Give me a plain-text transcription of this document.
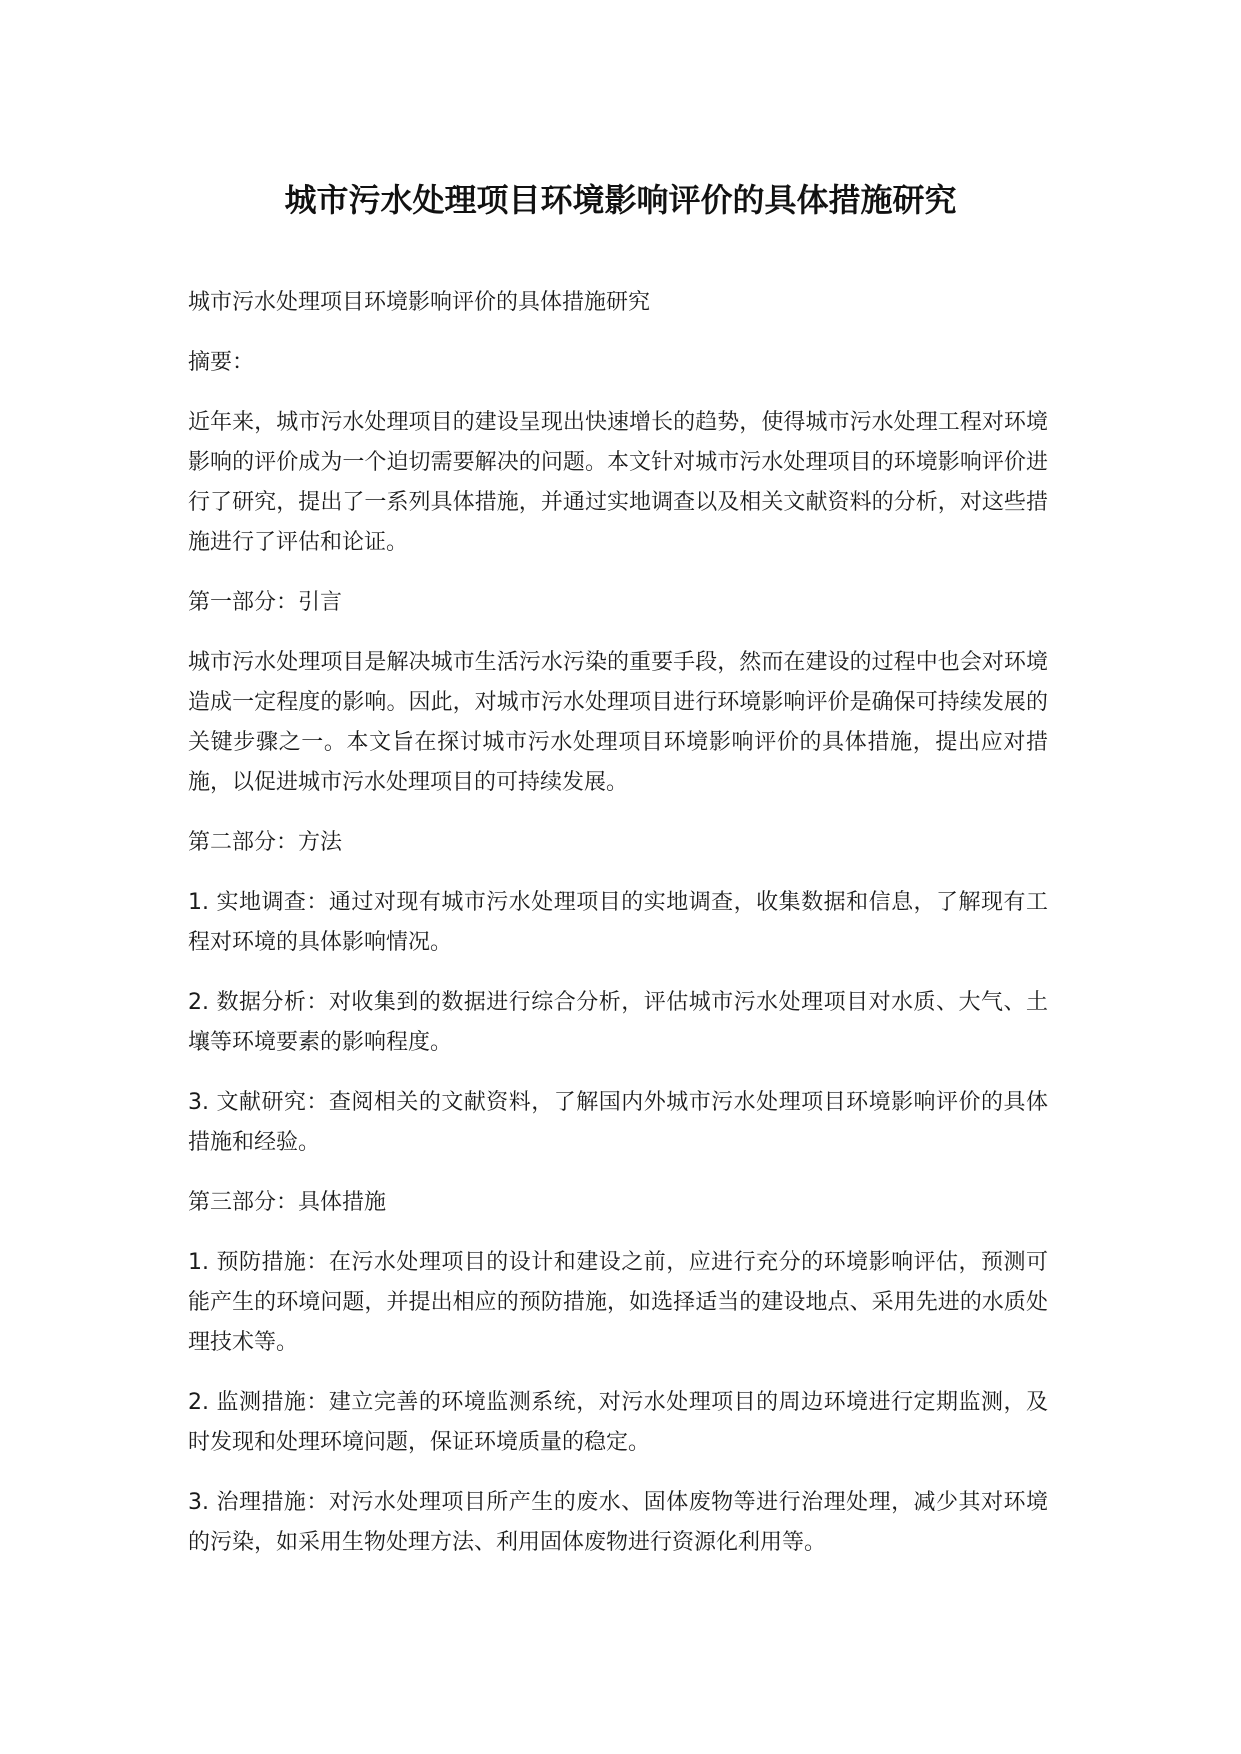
城市污水处理项目环境影响评价的具体措施研究

城市污水处理项目环境影响评价的具体措施研究

摘要：

近年来，城市污水处理项目的建设呈现出快速增长的趋势，使得城市污水处理工程对环境影响的评价成为一个迫切需要解决的问题。本文针对城市污水处理项目的环境影响评价进行了研究，提出了一系列具体措施，并通过实地调查以及相关文献资料的分析，对这些措施进行了评估和论证。

第一部分：引言

城市污水处理项目是解决城市生活污水污染的重要手段，然而在建设的过程中也会对环境造成一定程度的影响。因此，对城市污水处理项目进行环境影响评价是确保可持续发展的关键步骤之一。本文旨在探讨城市污水处理项目环境影响评价的具体措施，提出应对措施，以促进城市污水处理项目的可持续发展。

第二部分：方法

1. 实地调查：通过对现有城市污水处理项目的实地调查，收集数据和信息，了解现有工程对环境的具体影响情况。

2. 数据分析：对收集到的数据进行综合分析，评估城市污水处理项目对水质、大气、土壤等环境要素的影响程度。

3. 文献研究：查阅相关的文献资料，了解国内外城市污水处理项目环境影响评价的具体措施和经验。

第三部分：具体措施

1. 预防措施：在污水处理项目的设计和建设之前，应进行充分的环境影响评估，预测可能产生的环境问题，并提出相应的预防措施，如选择适当的建设地点、采用先进的水质处理技术等。

2. 监测措施：建立完善的环境监测系统，对污水处理项目的周边环境进行定期监测，及时发现和处理环境问题，保证环境质量的稳定。

3. 治理措施：对污水处理项目所产生的废水、固体废物等进行治理处理，减少其对环境的污染，如采用生物处理方法、利用固体废物进行资源化利用等。
